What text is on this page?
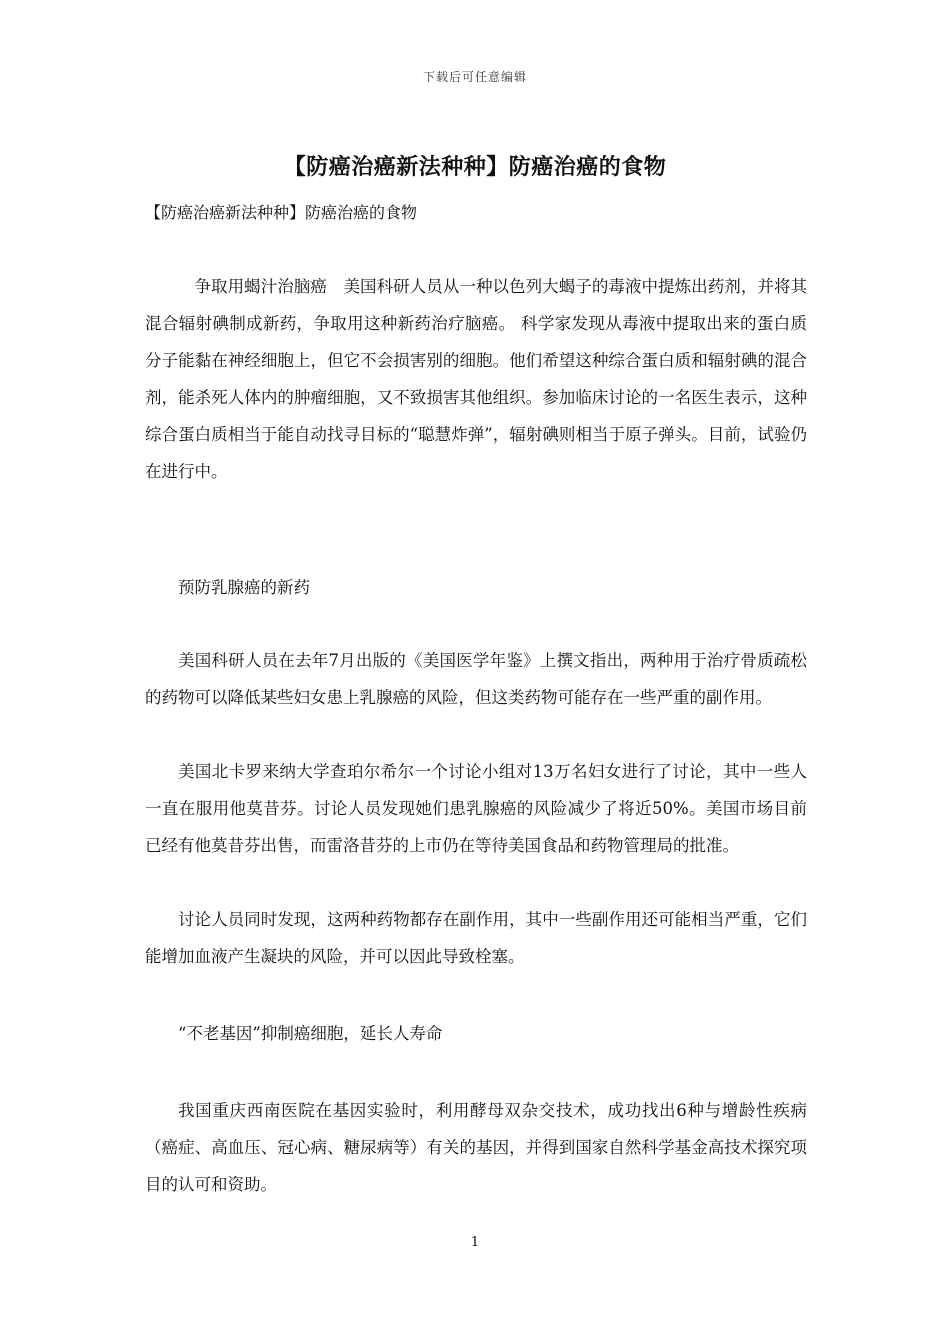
下载后可任意编辑
【防癌治癌新法种种】防癌治癌的食物
【防癌治癌新法种种】防癌治癌的食物

争取用蝎汁治脑癌　美国科研人员从一种以色列大蝎子的毒液中提炼出药剂，并将其混合辐射碘制成新药，争取用这种新药治疗脑癌。 科学家发现从毒液中提取出来的蛋白质分子能黏在神经细胞上，但它不会损害别的细胞。他们希望这种综合蛋白质和辐射碘的混合剂，能杀死人体内的肿瘤细胞，又不致损害其他组织。参加临床讨论的一名医生表示，这种综合蛋白质相当于能自动找寻目标的“聪慧炸弹”，辐射碘则相当于原子弹头。目前，试验仍在进行中。

预防乳腺癌的新药

美国科研人员在去年7月出版的《美国医学年鉴》上撰文指出，两种用于治疗骨质疏松的药物可以降低某些妇女患上乳腺癌的风险，但这类药物可能存在一些严重的副作用。

美国北卡罗来纳大学查珀尔希尔一个讨论小组对13万名妇女进行了讨论，其中一些人一直在服用他莫昔芬。讨论人员发现她们患乳腺癌的风险减少了将近50%。美国市场目前已经有他莫昔芬出售，而雷洛昔芬的上市仍在等待美国食品和药物管理局的批准。

讨论人员同时发现，这两种药物都存在副作用，其中一些副作用还可能相当严重，它们能增加血液产生凝块的风险，并可以因此导致栓塞。

“不老基因”抑制癌细胞，延长人寿命

我国重庆西南医院在基因实验时，利用酵母双杂交技术，成功找出6种与增龄性疾病（癌症、高血压、冠心病、糖尿病等）有关的基因，并得到国家自然科学基金高技术探究项目的认可和资助。

1
